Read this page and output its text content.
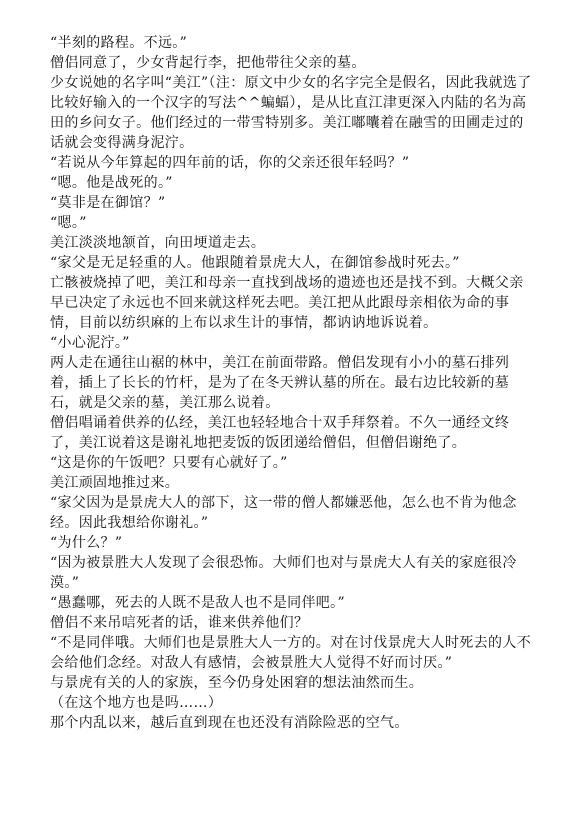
“半刻的路程。不远。”

僧侣同意了，少女背起行李，把他带往父亲的墓。

少女说她的名字叫“美江”（注：原文中少女的名字完全是假名，因此我就选了比较好输入的一个汉字的写法^^蝙蝠），是从比直江津更深入内陆的名为高田的乡问女子。他们经过的一带雪特别多。美江嘟囔着在融雪的田圃走过的话就会变得满身泥泞。

“若说从今年算起的四年前的话，你的父亲还很年轻吗？”

“嗯。他是战死的。”

“莫非是在御馆？”

“嗯。”

美江淡淡地颔首，向田埂道走去。

“家父是无足轻重的人。他跟随着景虎大人，在御馆参战时死去。”

亡骸被烧掉了吧，美江和母亲一直找到战场的遗迹也还是找不到。大概父亲早已决定了永远也不回来就这样死去吧。美江把从此跟母亲相依为命的事情，目前以纺织麻的上布以求生计的事情，都讷讷地诉说着。

“小心泥泞。”

两人走在通往山裾的林中，美江在前面带路。僧侣发现有小小的墓石排列着，插上了长长的竹杆，是为了在冬天辨认墓的所在。最右边比较新的墓石，就是父亲的墓，美江那么说着。

僧侣唱诵着供养的仏经，美江也轻轻地合十双手拜祭着。不久一通经文终了，美江说着这是谢礼地把麦饭的饭团递给僧侣，但僧侣谢绝了。

“这是你的午饭吧？只要有心就好了。”

美江顽固地推过来。

“家父因为是景虎大人的部下，这一带的僧人都嫌恶他，怎么也不肯为他念经。因此我想给你谢礼。”

“为什么？”

“因为被景胜大人发现了会很恐怖。大师们也对与景虎大人有关的家庭很冷漠。”

“愚蠢哪，死去的人既不是敌人也不是同伴吧。”

僧侣不来吊唁死者的话，谁来供养他们？

“不是同伴哦。大师们也是景胜大人一方的。对在讨伐景虎大人时死去的人不会给他们念经。对敌人有感情，会被景胜大人觉得不好而讨厌。”

与景虎有关的人的家族，至今仍身处困窘的想法油然而生。

（在这个地方也是吗……）

那个内乱以来，越后直到现在也还没有消除险恶的空气。
